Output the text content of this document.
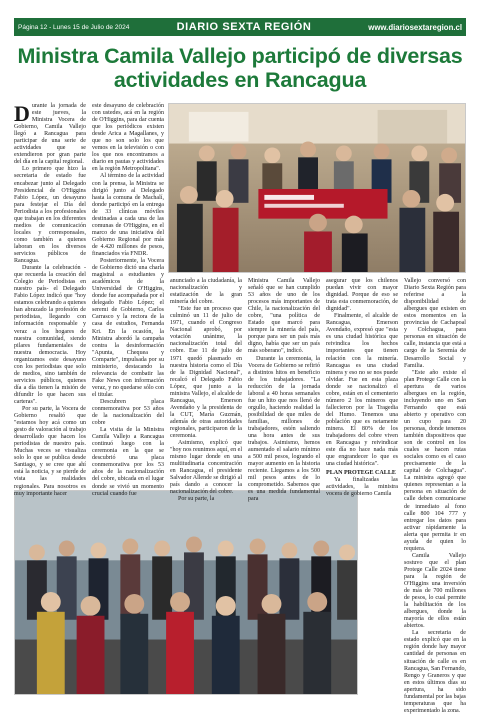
Página 12 - Lunes 15 de Julio de 2024	DIARIO SEXTA REGIÓN	www.diariosextaregion.cl
Ministra Camila Vallejo participó de diversas actividades en Rancagua

Durante la jornada de este jueves, la Ministra Vocera de Gobierno, Camila Vallejo llegó a Rancagua para participar de una serie de actividades que se extendieron por gran parte del día en la capital regional.

Lo primero que hizo la secretaria de estado fue encabezar junto al Delegado Presidencial de O'Higgins Fabio López, un desayuno para festejar el Día del Periodista a los profesionales que trabajan en los diferentes medios de comunicación locales y corresponsales, como también a quienes laboran en los diversos servicios públicos de Rancagua.

Durante la celebración -que recuerda la creación del Colegio de Periodistas en nuestro país- el Delegado Fabio López indicó que "hoy estamos celebrando a quienes han abrazado la profesión de periodistas, llegando con información responsable y veraz a los hogares de nuestra comunidad, siendo pilares fundamentales de nuestra democracia. Hoy organizamos este desayuno con los periodistas que solo de medios, sino también de servicios públicos, quienes día a día tienen la misión de difundir lo que hacen sus carteras".

Por su parte, la Vocera de Gobierno resaltó que "estamos hoy acá como un gesto de valoración al trabajo desarrollado que hacen los periodistas de nuestro país. Muchas veces se visualiza solo lo que se publica desde Santiago, y se cree que ahí está la noticia, y se pierde de vista las realidades regionales. Para nosotros es muy importante hacer

este desayuno de celebración con ustedes, acá en la región de O'Higgins, para dar cuenta que los periódicos existen desde Arica a Magallanes, y que no son solo los que vemos en la televisión o con los que nos encontramos a diario en pautas y actividades en la región Metropolitana".

Al término de la actividad con la prensa, la Ministra se dirigió junto al Delegado hasta la comuna de Machalí, donde participó en la entrega de 33 clínicas móviles destinadas a cada una de las comunas de O'Higgins, en el marco de una iniciativa del Gobierno Regional por más de 4.420 millones de pesos, financiados vía FNDR.

Posteriormente, la Vocera de Gobierno dictó una charla magistral a estudiantes y académicos de la Universidad de O'Higgins, donde fue acompañada por el delegado Fabio López; el seremi de Gobierno, Carlos Carrasco y la rectora de la casa de estudios, Fernanda Kri. En la ocasión, la Ministra abordó la campaña contra la desinformación "Apunta, Chequea y Comparte", impulsada por su ministerio, destacando la relevancia de combatir las Fake News con información veraz, y no quedarse sólo con el titular.

Descubren placa conmemorativa por 53 años de la nacionalización del cobre

La visita de la Ministra Camila Vallejo a Rancagua continuó luego con la ceremonia en la que se descubrió una placa conmemorativa por los 53 años de la nacionalización del cobre, ubicada en el lugar donde se vivió un momento crucial cuando fue

anunciado a la ciudadanía, la nacionalización y estatización de la gran minería del cobre.

"Este fue un proceso que culminó un 11 de julio de 1971, cuando el Congreso Nacional aprobó, por votación unánime, la nacionalización total del cobre. Ese 11 de julio de 1971 quedó plasmado en nuestra historia como el Día de la Dignidad Nacional", recalcó el Delegado Fabio López, que junto a la ministra Vallejo, el alcalde de Rancagua, Emerson Avendaño y la presidenta de la CUT, María Guzmán, además de otras autoridades regionales, participaron de la ceremonia.

Asimismo, explicó que "hoy nos reunimos aquí, en el mismo lugar donde en una multitudinaria concentración en Rancagua, el presidente Salvador Allende se dirigió al país dando a conocer la nacionalización del cobre.

Por su parte, la

Ministra Camila Vallejo señaló que se han cumplido 53 años de uno de los procesos más importantes de Chile, la nacionalización del cobre, "una política de Estado que marcó para siempre la minería del país, porque para ser un país más digno, había que ser un país más soberano", indicó.

Durante la ceremonia, la Vocera de Gobierno se refirió a distintos hitos en beneficio de los trabajadores. "La reducción de la jornada laboral a 40 horas semanales fue un hito que nos llenó de orgullo, haciendo realidad la posibilidad de que miles de familias, millones de trabajadores, estén saliendo una hora antes de sus trabajos. Asimismo, hemos aumentado el salario mínimo a 500 mil pesos, logrando el mayor aumento en la historia reciente. Llegamos a los 500 mil pesos antes de lo comprometido. Sabemos que es una medida fundamental para

asegurar que los chilenos puedan vivir con mayor dignidad. Porque de eso se trata esta conmemoración, de dignidad".

Finalmente, el alcalde de Rancagua, Emerson Avendaño, expresó que "esta es una ciudad histórica que reivindica los hechos importantes que tienen relación con la minería. Rancagua es una ciudad minera y eso no se nos puede olvidar. Fue en esta plaza donde se nacionalizó el cobre, están en el cementerio número 2 los mineros que fallecieron por la Tragedia del Humo. Tenemos una población que es netamente minera. El 80% de los trabajadores del cobre viven en Rancagua y reivindicar este día no hace nada más que engrandecer lo que es una ciudad histórica".

PLAN PROTEGE CALLE

Ya finalizadas las actividades, la ministra vocera de gobierno Camila

Vallejo conversó con Diario Sexta Región para referirse a la disponibilidad de albergues que existen en estos momentos en la provincias de Cachapoal y Colchagua, para personas en situación de calle, instancia que está a cargo de la Seremía de Desarrollo Social y Familia.

"Este año existe el plan Protege Calle con la apertura de varios albergues en la región, incluyendo uno en San Fernando que está abierto y operativo con un cupo para 20 personas, donde tenemos también dispositivos que son de control en los cuales se hacen rutas sociales como es el caso precisamente de la capital de Colchagua". La ministra agregó que quienes representan a la persona en situación de calle deben comunicarse de inmediato al fono calle 800 104 777 y entregar los datos para activar rápidamente la alerta que permita ir en ayuda de quien lo requiera.

Camila Vallejo sostuvo que el plan Protege Calle 2024 tiene para la región de O'Higgins una inversión de más de 700 millones de pesos, lo cual permite la habilitación de los albergues, donde la mayoría de ellos están abiertos.

La secretaria de estado explicó que en la región donde hay mayor cantidad de personas en situación de calle es en Rancagua, San Fernando, Rengo y Graneros y que en estos últimos días su apertura, ha sido fundamental por las bajas temperaturas que ha experimentado la zona.
